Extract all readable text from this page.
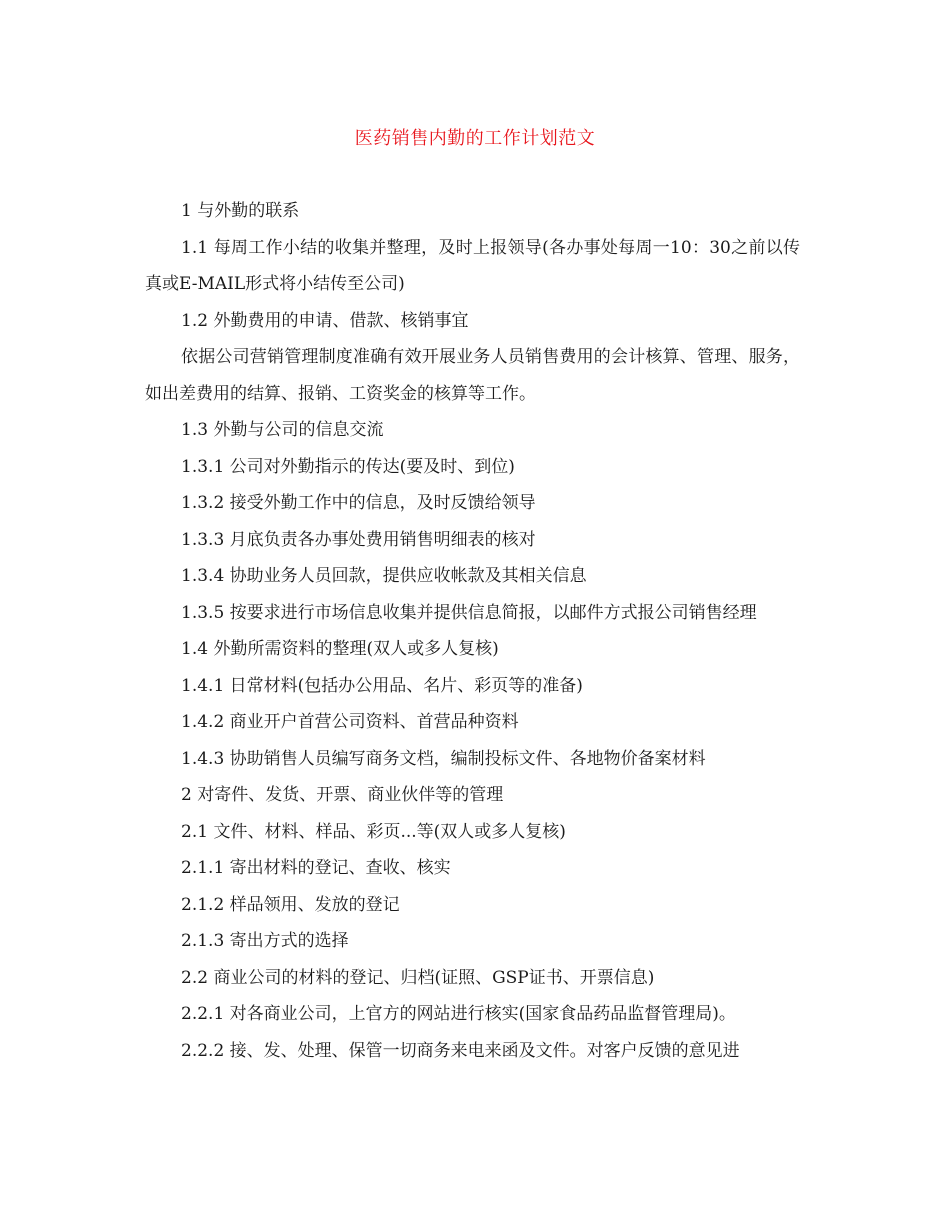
医药销售内勤的工作计划范文

1 与外勤的联系

1.1 每周工作小结的收集并整理，及时上报领导(各办事处每周一10：30之前以传真或E-MAIL形式将小结传至公司)

1.2 外勤费用的申请、借款、核销事宜

依据公司营销管理制度准确有效开展业务人员销售费用的会计核算、管理、服务，如出差费用的结算、报销、工资奖金的核算等工作。

1.3 外勤与公司的信息交流

1.3.1 公司对外勤指示的传达(要及时、到位)

1.3.2 接受外勤工作中的信息，及时反馈给领导

1.3.3 月底负责各办事处费用销售明细表的核对

1.3.4 协助业务人员回款，提供应收帐款及其相关信息

1.3.5 按要求进行市场信息收集并提供信息简报，以邮件方式报公司销售经理

1.4 外勤所需资料的整理(双人或多人复核)

1.4.1 日常材料(包括办公用品、名片、彩页等的准备)

1.4.2 商业开户首营公司资料、首营品种资料

1.4.3 协助销售人员编写商务文档，编制投标文件、各地物价备案材料

2 对寄件、发货、开票、商业伙伴等的管理

2.1 文件、材料、样品、彩页...等(双人或多人复核)

2.1.1 寄出材料的登记、查收、核实

2.1.2 样品领用、发放的登记

2.1.3 寄出方式的选择

2.2 商业公司的材料的登记、归档(证照、GSP证书、开票信息)

2.2.1 对各商业公司，上官方的网站进行核实(国家食品药品监督管理局)。

2.2.2 接、发、处理、保管一切商务来电来函及文件。对客户反馈的意见进
